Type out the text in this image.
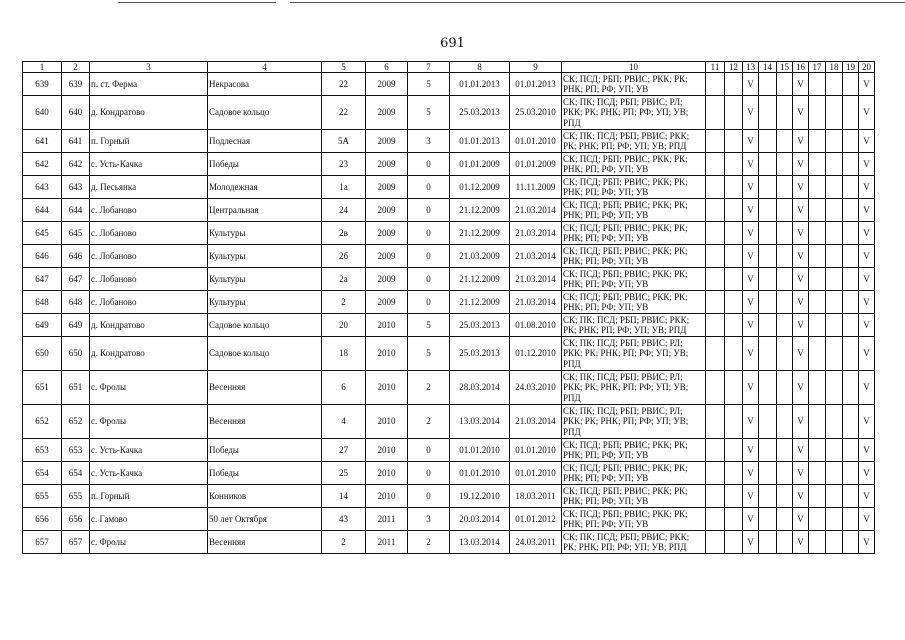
691
1	2	3	4	5	6	7	8	9	10	11	12	13	14	15	16	17	18	19	20
639	639	п. ст. Ферма	Некрасова	22	2009	5	01.01.2013	01.01.2013	СК; ПСД; РБП; РВИС; РКК; РК; РНК; РП; РФ; УП; УВ			V			V				V
640	640	д. Кондратово	Садовое кольцо	22	2009	5	25.03.2013	25.03.2010	СК; ПК; ПСД; РБП; РВИС; РЛ; РКК; РК; РНК; РП; РФ; УП; УВ; РПД			V			V				V
641	641	п. Горный	Подлесная	5А	2009	3	01.01.2013	01.01.2010	СК; ПК; ПСД; РБП; РВИС; РКК; РК; РНК; РП; РФ; УП; УВ; РПД			V			V				V
642	642	с. Усть-Качка	Победы	23	2009	0	01.01.2009	01.01.2009	СК; ПСД; РБП; РВИС; РКК; РК; РНК; РП; РФ; УП; УВ			V			V				V
643	643	д. Песьянка	Молодежная	1а	2009	0	01.12.2009	11.11.2009	СК; ПСД; РБП; РВИС; РКК; РК; РНК; РП; РФ; УП; УВ			V			V				V
644	644	с. Лобаново	Центральная	24	2009	0	21.12.2009	21.03.2014	СК; ПСД; РБП; РВИС; РКК; РК; РНК; РП; РФ; УП; УВ			V			V				V
645	645	с. Лобаново	Культуры	2в	2009	0	21.12.2009	21.03.2014	СК; ПСД; РБП; РВИС; РКК; РК; РНК; РП; РФ; УП; УВ			V			V				V
646	646	с. Лобаново	Культуры	2б	2009	0	21.03.2009	21.03.2014	СК; ПСД; РБП; РВИС; РКК; РК; РНК; РП; РФ; УП; УВ			V			V				V
647	647	с. Лобаново	Культуры	2а	2009	0	21.12.2009	21.03.2014	СК; ПСД; РБП; РВИС; РКК; РК; РНК; РП; РФ; УП; УВ			V			V				V
648	648	с. Лобаново	Культуры	2	2009	0	21.12.2009	21.03.2014	СК; ПСД; РБП; РВИС; РКК; РК; РНК; РП; РФ; УП; УВ			V			V				V
649	649	д. Кондратово	Садовое кольцо	20	2010	5	25.03.2013	01.08.2010	СК; ПК; ПСД; РБП; РВИС; РКК; РК; РНК; РП; РФ; УП; УВ; РПД			V			V				V
650	650	д. Кондратово	Садовое кольцо	18	2010	5	25.03.2013	01.12.2010	СК; ПК; ПСД; РБП; РВИС; РЛ; РКК; РК; РНК; РП; РФ; УП; УВ; РПД			V			V				V
651	651	с. Фролы	Весенняя	6	2010	2	28.03.2014	24.03.2010	СК; ПК; ПСД; РБП; РВИС; РЛ; РКК; РК; РНК; РП; РФ; УП; УВ; РПД			V			V				V
652	652	с. Фролы	Весенняя	4	2010	2	13.03.2014	21.03.2014	СК; ПК; ПСД; РБП; РВИС; РЛ; РКК; РК; РНК; РП; РФ; УП; УВ; РПД			V			V				V
653	653	с. Усть-Качка	Победы	27	2010	0	01.01.2010	01.01.2010	СК; ПСД; РБП; РВИС; РКК; РК; РНК; РП; РФ; УП; УВ			V			V				V
654	654	с. Усть-Качка	Победы	25	2010	0	01.01.2010	01.01.2010	СК; ПСД; РБП; РВИС; РКК; РК; РНК; РП; РФ; УП; УВ			V			V				V
655	655	п. Горный	Конников	14	2010	0	19.12.2010	18.03.2011	СК; ПСД; РБП; РВИС; РКК; РК; РНК; РП; РФ; УП; УВ			V			V				V
656	656	с. Гамово	50 лет Октября	43	2011	3	20.03.2014	01.01.2012	СК; ПСД; РБП; РВИС; РКК; РК; РНК; РП; РФ; УП; УВ			V			V				V
657	657	с. Фролы	Весенняя	2	2011	2	13.03.2014	24.03.2011	СК; ПК; ПСД; РБП; РВИС; РКК; РК; РНК; РП; РФ; УП; УВ; РПД			V			V				V
